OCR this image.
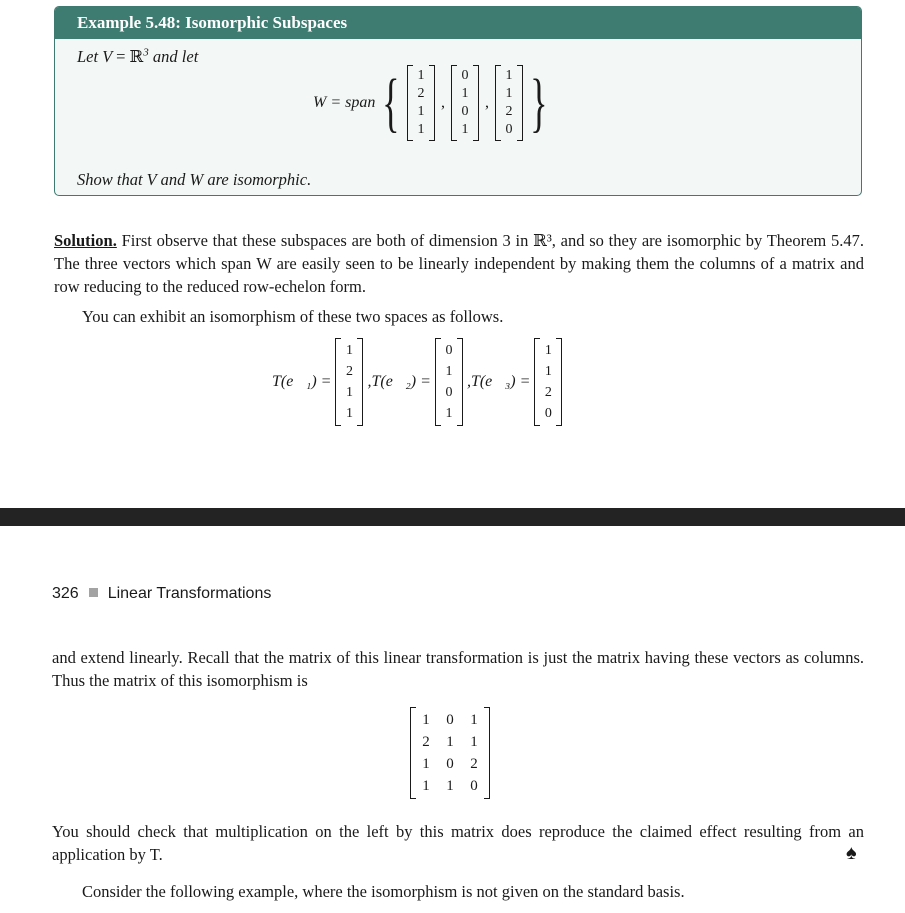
Example 5.48: Isomorphic Subspaces
Let V = ℝ$^3$ and let
W = span { 1
2
1
1
,
0
1
0
1
,
1
1
2
0 }
Show that V and W are isomorphic.
Solution. First observe that these subspaces are both of dimension 3 in ℝ³, and so they are isomorphic by Theorem 5.47. The three vectors which span W are easily seen to be linearly independent by making them the columns of a matrix and row reducing to the reduced row-echelon form.
You can exhibit an isomorphism of these two spaces as follows.
T(e⃗₁) =
1
2
1
1
,T(e⃗₂) =
0
1
0
1
,T(e⃗₃) =
1
1
2
0
326 Linear Transformations
and extend linearly. Recall that the matrix of this linear transformation is just the matrix having these vectors as columns. Thus the matrix of this isomorphism is
1	0	1
2	1	1
1	0	2
1	1	0
You should check that multiplication on the left by this matrix does reproduce the claimed effect resulting from an application by T.	♠
Consider the following example, where the isomorphism is not given on the standard basis.
